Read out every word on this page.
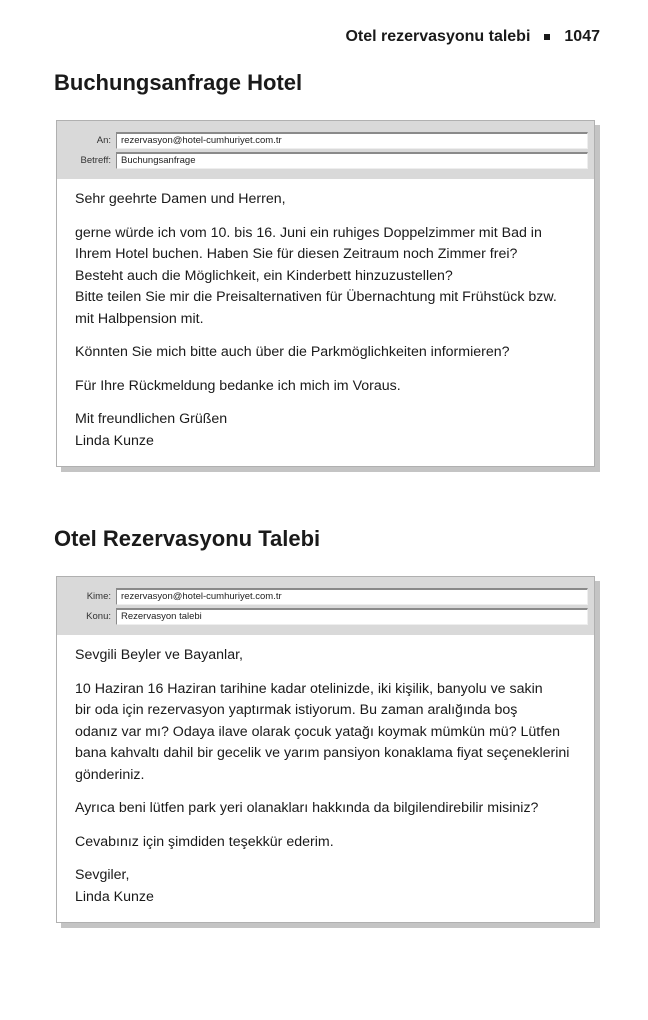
Otel rezervasyonu talebi 1047
Buchungsanfrage Hotel
An:	rezervasyon@hotel-cumhuriyet.com.tr
Betreff:	Buchungsanfrage

Sehr geehrte Damen und Herren,

gerne würde ich vom 10. bis 16. Juni ein ruhiges Doppelzimmer mit Bad in
Ihrem Hotel buchen. Haben Sie für diesen Zeitraum noch Zimmer frei?
Besteht auch die Möglichkeit, ein Kinderbett hinzuzustellen?
Bitte teilen Sie mir die Preisalternativen für Übernachtung mit Frühstück bzw.
mit Halbpension mit.

Könnten Sie mich bitte auch über die Parkmöglichkeiten informieren?

Für Ihre Rückmeldung bedanke ich mich im Voraus.

Mit freundlichen Grüßen
Linda Kunze

Otel Rezervasyonu Talebi
Kime:	rezervasyon@hotel-cumhuriyet.com.tr
Konu:	Rezervasyon talebi

Sevgili Beyler ve Bayanlar,

10 Haziran 16 Haziran tarihine kadar otelinizde, iki kişilik, banyolu ve sakin
bir oda için rezervasyon yaptırmak istiyorum. Bu zaman aralığında boş
odanız var mı? Odaya ilave olarak çocuk yatağı koymak mümkün mü? Lütfen
bana kahvaltı dahil bir gecelik ve yarım pansiyon konaklama fiyat seçeneklerini
gönderiniz.

Ayrıca beni lütfen park yeri olanakları hakkında da bilgilendirebilir misiniz?

Cevabınız için şimdiden teşekkür ederim.

Sevgiler,
Linda Kunze
